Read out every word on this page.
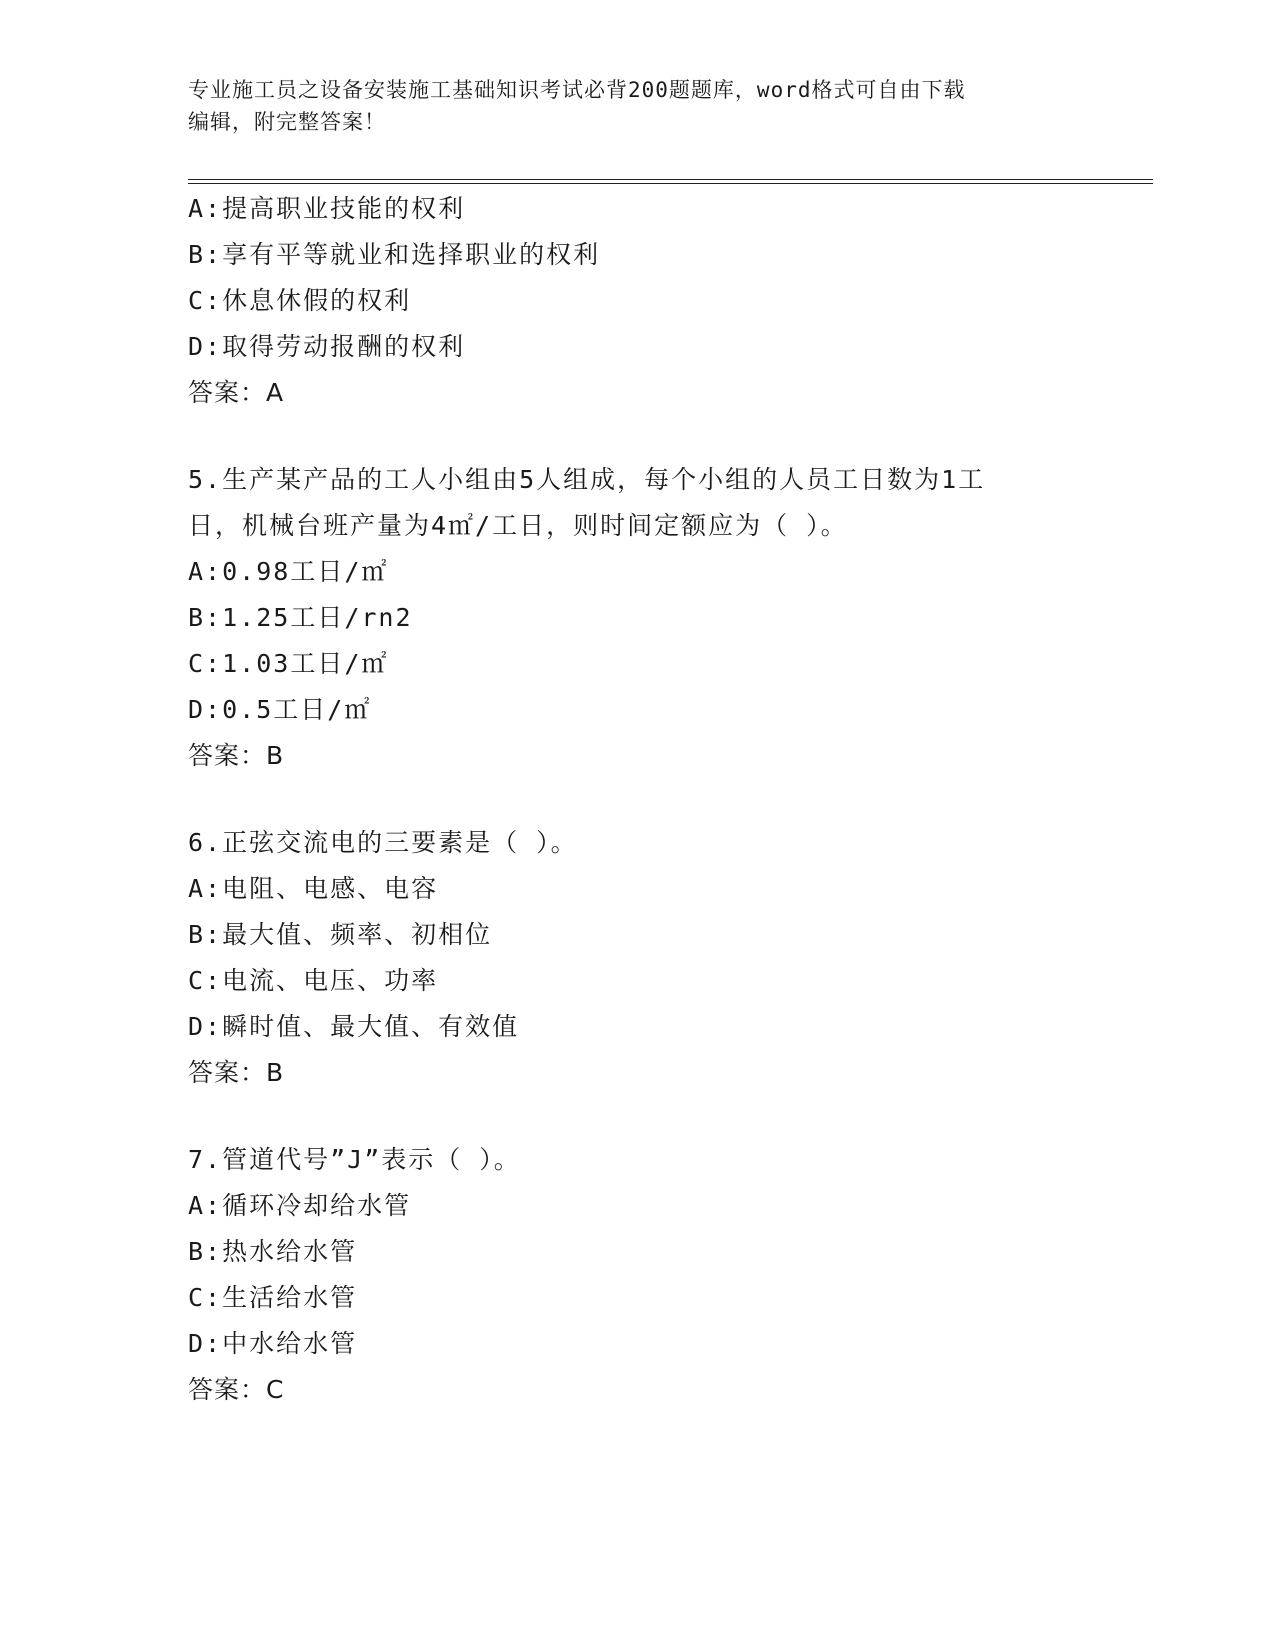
专业施工员之设备安装施工基础知识考试必背200题题库，word格式可自由下载
编辑，附完整答案！
A:提高职业技能的权利
B:享有平等就业和选择职业的权利
C:休息休假的权利
D:取得劳动报酬的权利
答案：A
5.生产某产品的工人小组由5人组成，每个小组的人员工日数为1工
日，机械台班产量为4㎡/工日，则时间定额应为（ ）。
A:0.98工日/㎡
B:1.25工日/rn2
C:1.03工日/㎡
D:0.5工日/㎡
答案：B
6.正弦交流电的三要素是（ ）。
A:电阻、电感、电容
B:最大值、频率、初相位
C:电流、电压、功率
D:瞬时值、最大值、有效值
答案：B
7.管道代号”J”表示（ ）。
A:循环冷却给水管
B:热水给水管
C:生活给水管
D:中水给水管
答案：C
